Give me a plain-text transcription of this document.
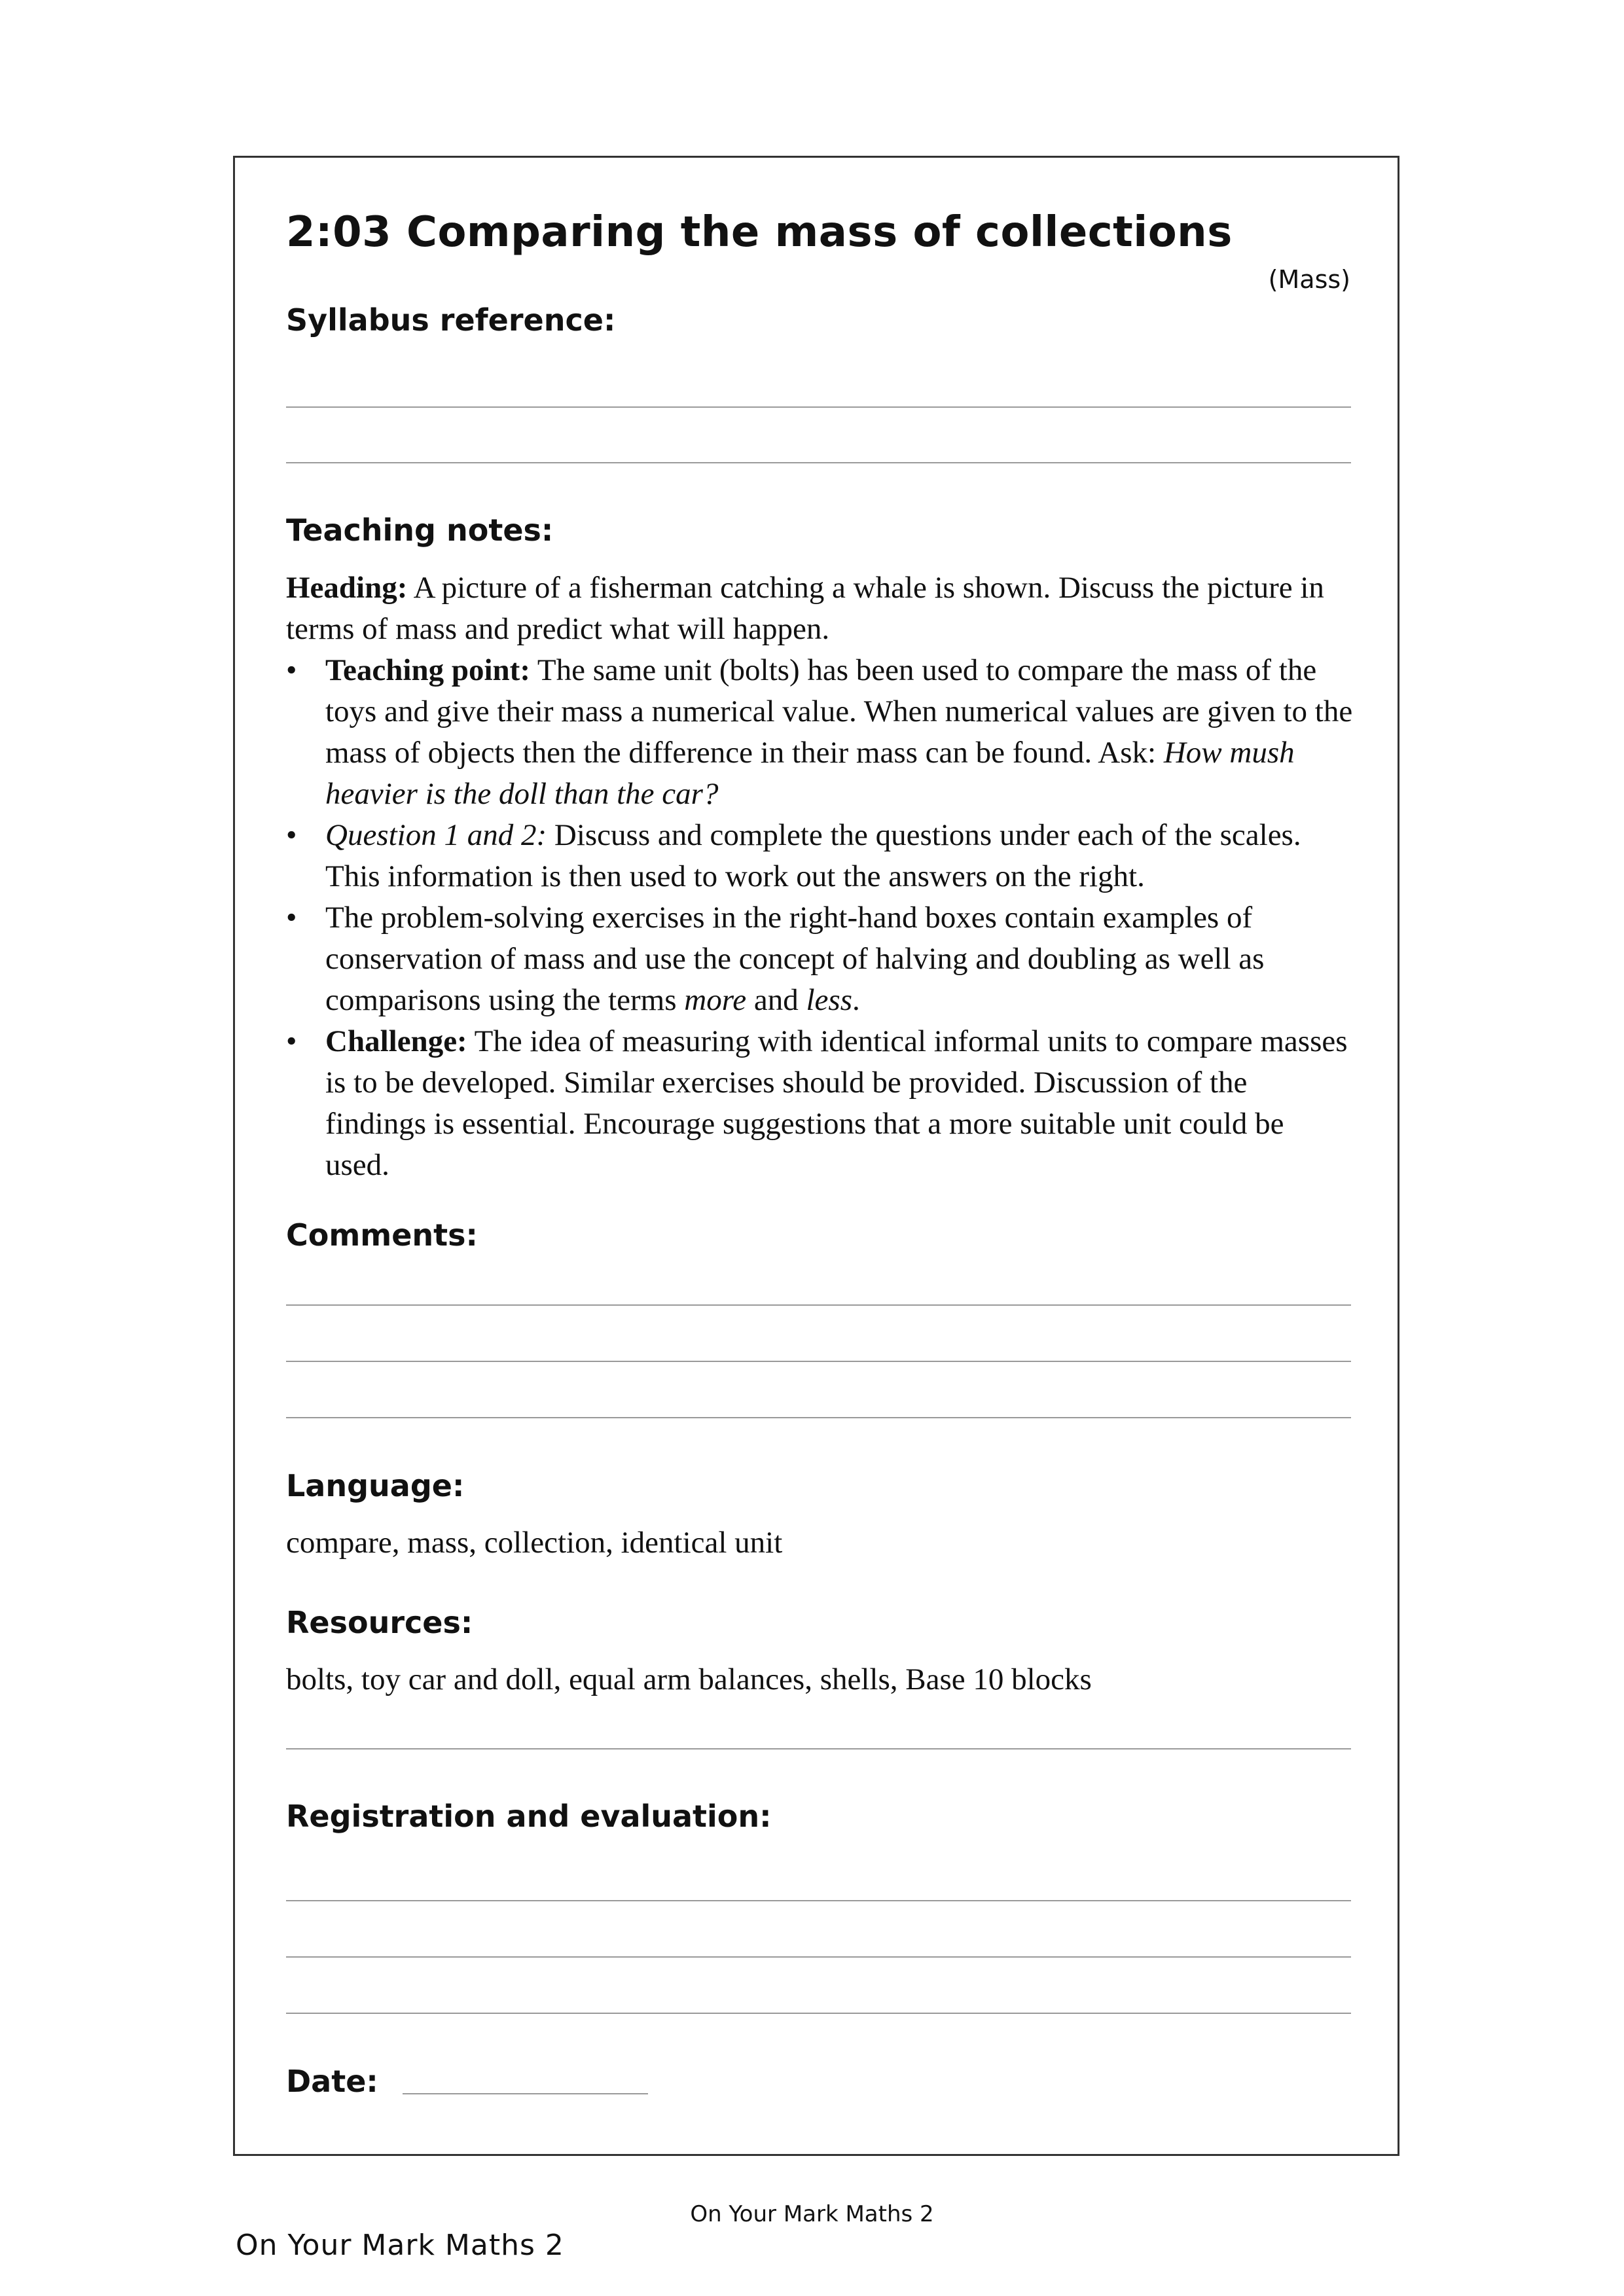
2:03 Comparing the mass of collections
(Mass)
Syllabus reference:
Teaching notes:

Heading: A picture of a fisherman catching a whale is shown. Discuss the picture in terms of mass and predict what will happen.

• Teaching point: The same unit (bolts) has been used to compare the mass of the toys and give their mass a numerical value. When numerical values are given to the mass of objects then the difference in their mass can be found. Ask: How mush heavier is the doll than the car?
• Question 1 and 2: Discuss and complete the questions under each of the scales. This information is then used to work out the answers on the right.
• The problem-solving exercises in the right-hand boxes contain examples of conservation of mass and use the concept of halving and doubling as well as comparisons using the terms more and less.
• Challenge: The idea of measuring with identical informal units to compare masses is to be developed. Similar exercises should be provided. Discussion of the findings is essential. Encourage suggestions that a more suitable unit could be used.
Comments:
Language:
compare, mass, collection, identical unit
Resources:
bolts, toy car and doll, equal arm balances, shells, Base 10 blocks
Registration and evaluation:
Date:
On Your Mark Maths 2
On Your Mark Maths 2
